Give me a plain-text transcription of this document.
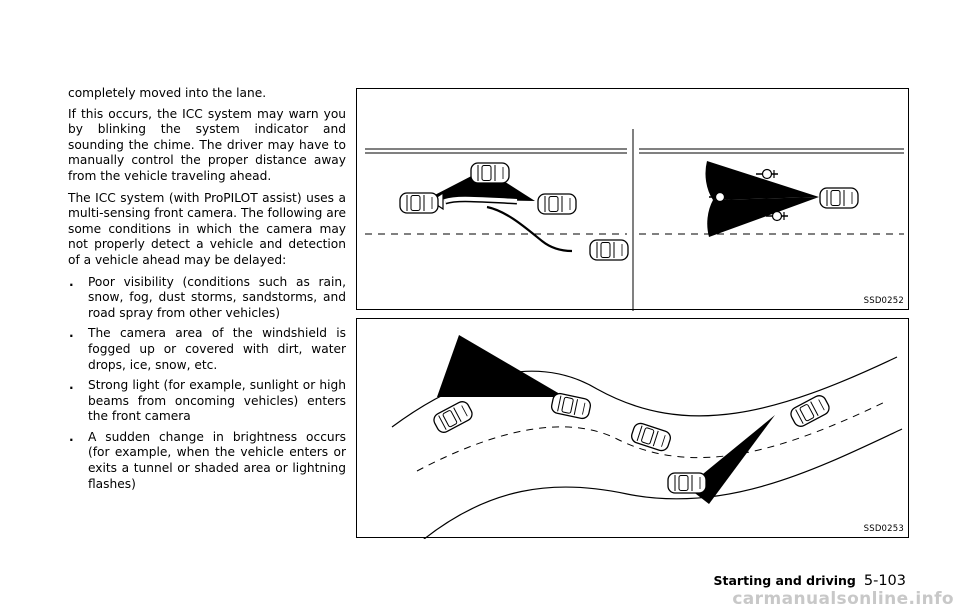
completely moved into the lane.

If this occurs, the ICC system may warn you by blinking the system indicator and sounding the chime. The driver may have to manually control the proper distance away from the vehicle traveling ahead.

The ICC system (with ProPILOT assist) uses a multi-sensing front camera. The following are some conditions in which the camera may not properly detect a vehicle and detection of a vehicle ahead may be delayed:

. Poor visibility (conditions such as rain, snow, fog, dust storms, sandstorms, and road spray from other vehicles)
. The camera area of the windshield is fogged up or covered with dirt, water drops, ice, snow, etc.
. Strong light (for example, sunlight or high beams from oncoming vehicles) enters the front camera
. A sudden change in brightness occurs (for example, when the vehicle enters or exits a tunnel or shaded area or lightning flashes)
SSD0252
SSD0253
Starting and driving 5-103
carmanualsonline.info
